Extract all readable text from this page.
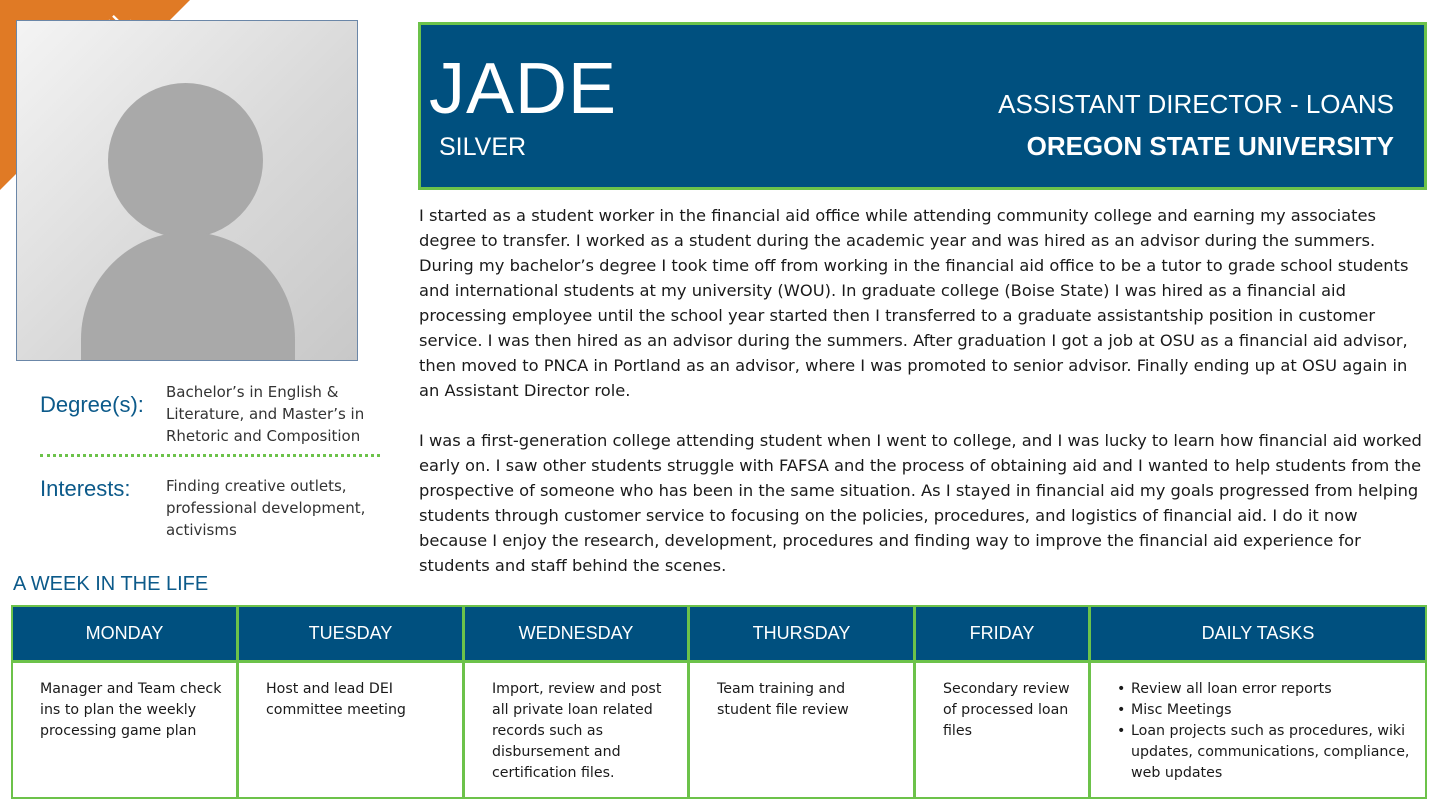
Degree(s): Bachelor’s in English & Literature, and Master’s in Rhetoric and Composition
Interests: Finding creative outlets, professional development, activisms
JADE
SILVER
ASSISTANT DIRECTOR - LOANS
OREGON STATE UNIVERSITY

I started as a student worker in the financial aid office while attending community college and earning my associates degree to transfer. I worked as a student during the academic year and was hired as an advisor during the summers. During my bachelor’s degree I took time off from working in the financial aid office to be a tutor to grade school students and international students at my university (WOU). In graduate college (Boise State) I was hired as a financial aid processing employee until the school year started then I transferred to a graduate assistantship position in customer service. I was then hired as an advisor during the summers. After graduation I got a job at OSU as a financial aid advisor, then moved to PNCA in Portland as an advisor, where I was promoted to senior advisor. Finally ending up at OSU again in an Assistant Director role.

I was a first-generation college attending student when I went to college, and I was lucky to learn how financial aid worked early on. I saw other students struggle with FAFSA and the process of obtaining aid and I wanted to help students from the prospective of someone who has been in the same situation. As I stayed in financial aid my goals progressed from helping students through customer service to focusing on the policies, procedures, and logistics of financial aid. I do it now because I enjoy the research, development, procedures and finding way to improve the financial aid experience for students and staff behind the scenes.

A WEEK IN THE LIFE
MONDAY
Manager and Team check ins to plan the weekly processing game plan
TUESDAY
Host and lead DEI committee meeting
WEDNESDAY
Import, review and post all private loan related records such as disbursement and certification files.
THURSDAY
Team training and student file review
FRIDAY
Secondary review of processed loan files
DAILY TASKS
• Review all loan error reports
• Misc Meetings
• Loan projects such as procedures, wiki updates, communications, compliance, web updates
